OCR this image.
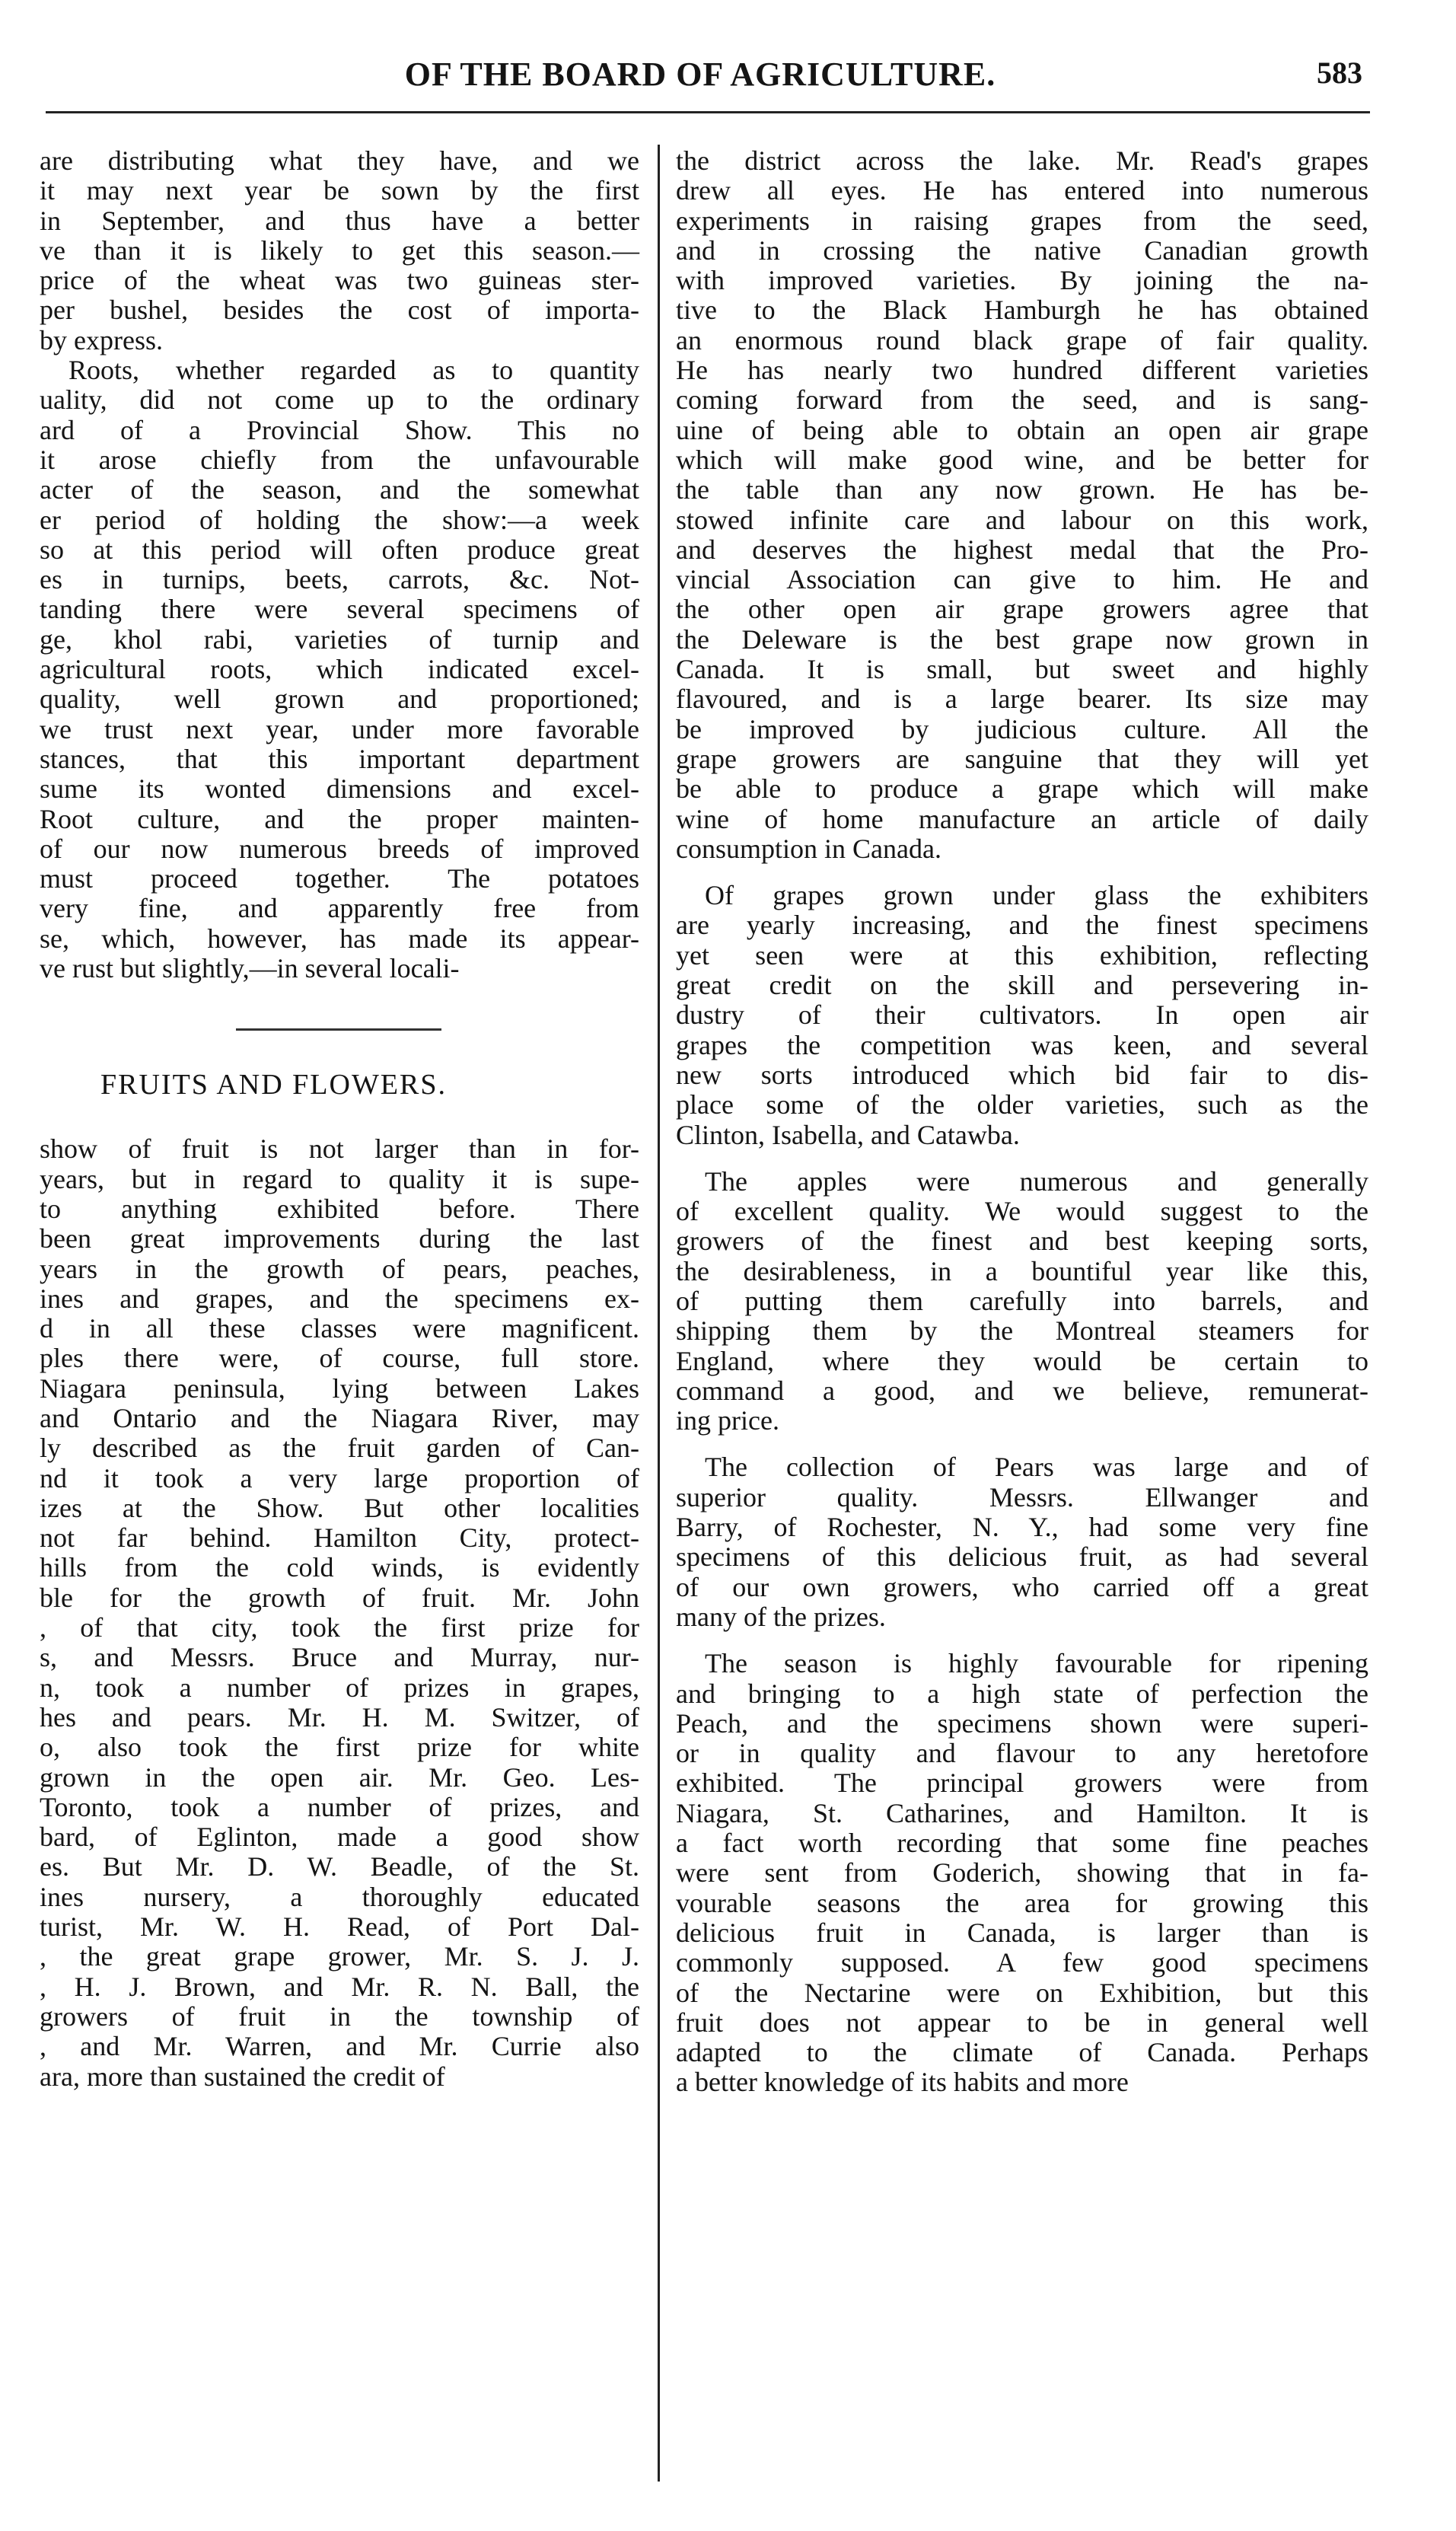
OF THE BOARD OF AGRICULTURE.	583
are distributing what they have, and we
it may next year be sown by the first
in September, and thus have a better
ve than it is likely to get this season.—
price of the wheat was two guineas ster-
per bushel, besides the cost of importa-
by express.
Roots, whether regarded as to quantity
uality, did not come up to the ordinary
ard of a Provincial Show. This no
it arose chiefly from the unfavourable
acter of the season, and the somewhat
er period of holding the show:—a week
so at this period will often produce great
es in turnips, beets, carrots, &c. Not-
tanding there were several specimens of
ge, khol rabi, varieties of turnip and
agricultural roots, which indicated excel-
quality, well grown and proportioned;
we trust next year, under more favorable
stances, that this important department
sume its wonted dimensions and excel-
Root culture, and the proper mainten-
of our now numerous breeds of improved
must proceed together. The potatoes
very fine, and apparently free from
se, which, however, has made its appear-
ve rust but slightly,—in several locali-
FRUITS AND FLOWERS.
show of fruit is not larger than in for-
years, but in regard to quality it is supe-
to anything exhibited before. There
been great improvements during the last
years in the growth of pears, peaches,
ines and grapes, and the specimens ex-
d in all these classes were magnificent.
ples there were, of course, full store.
Niagara peninsula, lying between Lakes
and Ontario and the Niagara River, may
ly described as the fruit garden of Can-
nd it took a very large proportion of
izes at the Show. But other localities
not far behind. Hamilton City, protect-
hills from the cold winds, is evidently
ble for the growth of fruit. Mr. John
, of that city, took the first prize for
s, and Messrs. Bruce and Murray, nur-
n, took a number of prizes in grapes,
hes and pears. Mr. H. M. Switzer, of
o, also took the first prize for white
grown in the open air. Mr. Geo. Les-
Toronto, took a number of prizes, and
bard, of Eglinton, made a good show
es. But Mr. D. W. Beadle, of the St.
ines nursery, a thoroughly educated
turist, Mr. W. H. Read, of Port Dal-
, the great grape grower, Mr. S. J. J.
, H. J. Brown, and Mr. R. N. Ball, the
growers of fruit in the township of
, and Mr. Warren, and Mr. Currie also
ara, more than sustained the credit of
the district across the lake. Mr. Read's grapes
drew all eyes. He has entered into numerous
experiments in raising grapes from the seed,
and in crossing the native Canadian growth
with improved varieties. By joining the na-
tive to the Black Hamburgh he has obtained
an enormous round black grape of fair quality.
He has nearly two hundred different varieties
coming forward from the seed, and is sang-
uine of being able to obtain an open air grape
which will make good wine, and be better for
the table than any now grown. He has be-
stowed infinite care and labour on this work,
and deserves the highest medal that the Pro-
vincial Association can give to him. He and
the other open air grape growers agree that
the Deleware is the best grape now grown in
Canada. It is small, but sweet and highly
flavoured, and is a large bearer. Its size may
be improved by judicious culture. All the
grape growers are sanguine that they will yet
be able to produce a grape which will make
wine of home manufacture an article of daily
consumption in Canada.
Of grapes grown under glass the exhibiters
are yearly increasing, and the finest specimens
yet seen were at this exhibition, reflecting
great credit on the skill and persevering in-
dustry of their cultivators. In open air
grapes the competition was keen, and several
new sorts introduced which bid fair to dis-
place some of the older varieties, such as the
Clinton, Isabella, and Catawba.
The apples were numerous and generally
of excellent quality. We would suggest to the
growers of the finest and best keeping sorts,
the desirableness, in a bountiful year like this,
of putting them carefully into barrels, and
shipping them by the Montreal steamers for
England, where they would be certain to
command a good, and we believe, remunerat-
ing price.
The collection of Pears was large and of
superior quality. Messrs. Ellwanger and
Barry, of Rochester, N. Y., had some very fine
specimens of this delicious fruit, as had several
of our own growers, who carried off a great
many of the prizes.
The season is highly favourable for ripening
and bringing to a high state of perfection the
Peach, and the specimens shown were superi-
or in quality and flavour to any heretofore
exhibited. The principal growers were from
Niagara, St. Catharines, and Hamilton. It is
a fact worth recording that some fine peaches
were sent from Goderich, showing that in fa-
vourable seasons the area for growing this
delicious fruit in Canada, is larger than is
commonly supposed. A few good specimens
of the Nectarine were on Exhibition, but this
fruit does not appear to be in general well
adapted to the climate of Canada. Perhaps
a better knowledge of its habits and more
